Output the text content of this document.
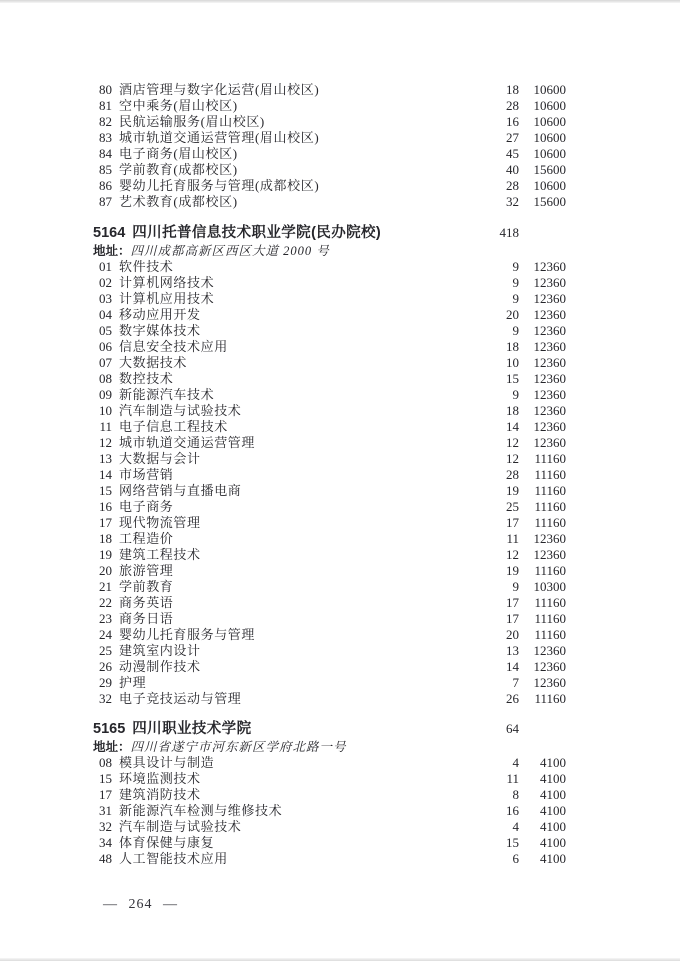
80 酒店管理与数字化运营(眉山校区)	18	10600
81 空中乘务(眉山校区)	28	10600
82 民航运输服务(眉山校区)	16	10600
83 城市轨道交通运营管理(眉山校区)	27	10600
84 电子商务(眉山校区)	45	10600
85 学前教育(成都校区)	40	15600
86 婴幼儿托育服务与管理(成都校区)	28	10600
87 艺术教育(成都校区)	32	15600
5164 四川托普信息技术职业学院(民办院校)	418
地址：四川成都高新区西区大道 2000 号
01 软件技术	9	12360
02 计算机网络技术	9	12360
03 计算机应用技术	9	12360
04 移动应用开发	20	12360
05 数字媒体技术	9	12360
06 信息安全技术应用	18	12360
07 大数据技术	10	12360
08 数控技术	15	12360
09 新能源汽车技术	9	12360
10 汽车制造与试验技术	18	12360
11 电子信息工程技术	14	12360
12 城市轨道交通运营管理	12	12360
13 大数据与会计	12	11160
14 市场营销	28	11160
15 网络营销与直播电商	19	11160
16 电子商务	25	11160
17 现代物流管理	17	11160
18 工程造价	11	12360
19 建筑工程技术	12	12360
20 旅游管理	19	11160
21 学前教育	9	10300
22 商务英语	17	11160
23 商务日语	17	11160
24 婴幼儿托育服务与管理	20	11160
25 建筑室内设计	13	12360
26 动漫制作技术	14	12360
29 护理	7	12360
32 电子竞技运动与管理	26	11160
5165 四川职业技术学院	64
地址：四川省遂宁市河东新区学府北路一号
08 模具设计与制造	4	4100
15 环境监测技术	11	4100
17 建筑消防技术	8	4100
31 新能源汽车检测与维修技术	16	4100
32 汽车制造与试验技术	4	4100
34 体育保健与康复	15	4100
48 人工智能技术应用	6	4100
— 264 —
